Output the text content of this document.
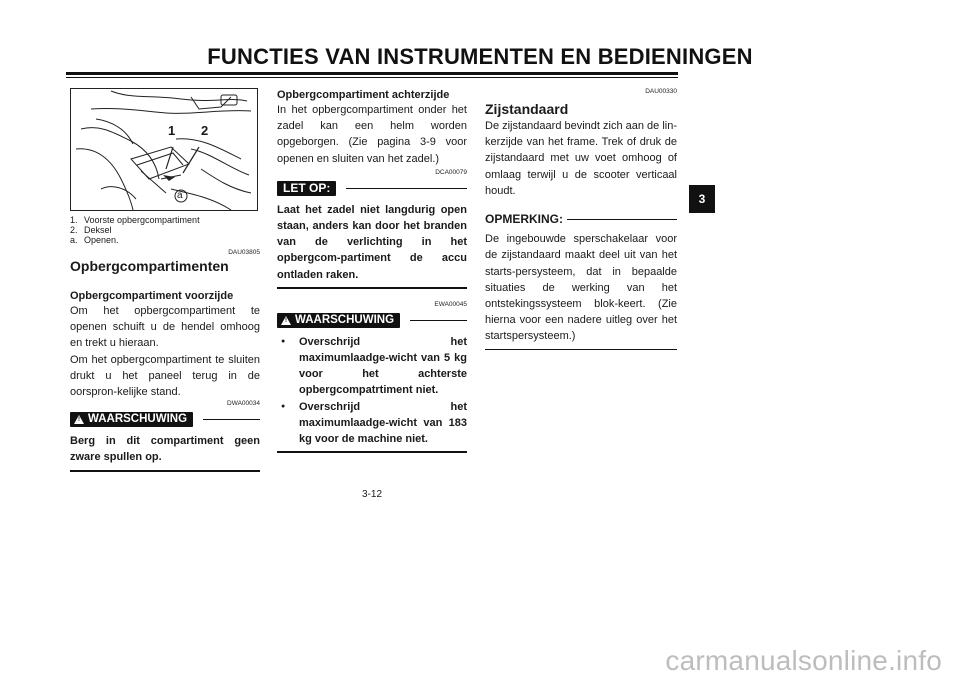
FUNCTIES VAN INSTRUMENTEN EN BEDIENINGEN
1 2
a
1. Voorste opbergcompartiment
2. Deksel
a. Openen.
DAU03805
Opbergcompartimenten
Opbergcompartiment voorzijde

Om het opbergcompartiment te openen schuift u de hendel omhoog en trekt u hieraan.

Om het opbergcompartiment te sluiten drukt u het paneel terug in de oorspron-kelijke stand.

DWA00034
! WAARSCHUWING

Berg in dit compartiment geen zware spullen op.

Opbergcompartiment achterzijde

In het opbergcompartiment onder het zadel kan een helm worden opgeborgen. (Zie pagina 3-9 voor openen en sluiten van het zadel.)

DCA00079
LET OP:

Laat het zadel niet langdurig open staan, anders kan door het branden van de verlichting in het opbergcom-partiment de accu ontladen raken.

EWA00045
! WAARSCHUWING
● Overschrijd het maximumlaadge-wicht van 5 kg voor het achterste opbergcompatrtiment niet.
● Overschrijd het maximumlaadge-wicht van 183 kg voor de machine niet.
DAU00330
Zijstandaard

De zijstandaard bevindt zich aan de lin-kerzijde van het frame. Trek of druk de zijstandaard met uw voet omhoog of omlaag terwijl u de scooter verticaal houdt.

OPMERKING:

De ingebouwde sperschakelaar voor de zijstandaard maakt deel uit van het starts-persysteem, dat in bepaalde situaties de werking van het ontstekingssysteem blok-keert. (Zie hierna voor een nadere uitleg over het startspersysteem.)

3-12
3
carmanualsonline.info
